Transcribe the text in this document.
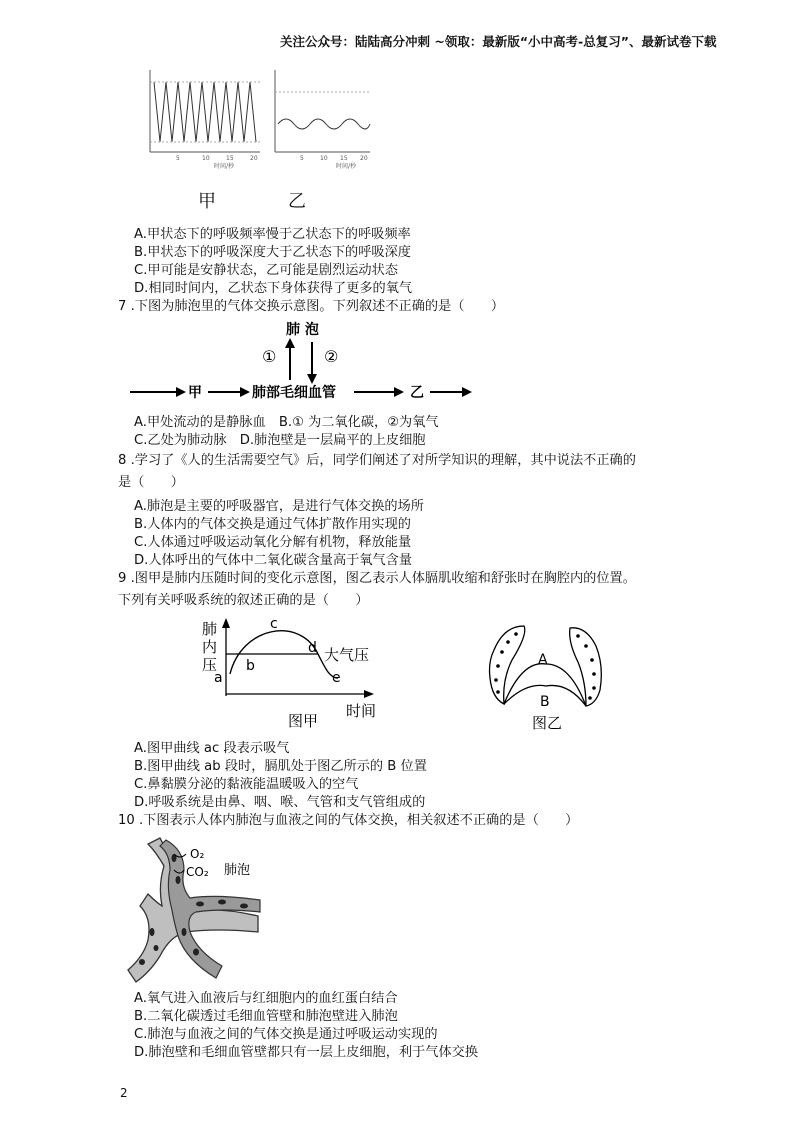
关注公众号：陆陆高分冲刺 ~领取：最新版“小中高考-总复习”、最新试卷下载
5	10	15	20	5	10 15 20
时间/秒	时间/秒
甲	乙
A.甲状态下的呼吸频率慢于乙状态下的呼吸频率
B.甲状态下的呼吸深度大于乙状态下的呼吸深度
C.甲可能是安静状态，乙可能是剧烈运动状态
D.相同时间内，乙状态下身体获得了更多的氧气
7 .下图为肺泡里的气体交换示意图。下列叙述不正确的是（　　）
肺 泡
①	②
甲	肺部毛细血管	乙
A.甲处流动的是静脉血　B.① 为二氧化碳，②为氧气
C.乙处为肺动脉　D.肺泡壁是一层扁平的上皮细胞
8 .学习了《人的生活需要空气》后，同学们阐述了对所学知识的理解，其中说法不正确的
是（　　）
A.肺泡是主要的呼吸器官，是进行气体交换的场所
B.人体内的气体交换是通过气体扩散作用实现的
C.人体通过呼吸运动氧化分解有机物，释放能量
D.人体呼出的气体中二氧化碳含量高于氧气含量
9 .图甲是肺内压随时间的变化示意图，图乙表示人体膈肌收缩和舒张时在胸腔内的位置。
下列有关呼吸系统的叙述正确的是（　　）
肺
内
压
大气压
a
b
c
d
e
时间
图甲
A
B
图乙
A.图甲曲线 ac 段表示吸气
B.图甲曲线 ab 段时，膈肌处于图乙所示的 B 位置
C.鼻黏膜分泌的黏液能温暖吸入的空气
D.呼吸系统是由鼻、咽、喉、气管和支气管组成的
10 .下图表示人体内肺泡与血液之间的气体交换，相关叙述不正确的是（　　）
O₂
CO₂ 肺泡
A.氧气进入血液后与红细胞内的血红蛋白结合
B.二氧化碳透过毛细血管壁和肺泡壁进入肺泡
C.肺泡与血液之间的气体交换是通过呼吸运动实现的
D.肺泡壁和毛细血管壁都只有一层上皮细胞，利于气体交换
2
